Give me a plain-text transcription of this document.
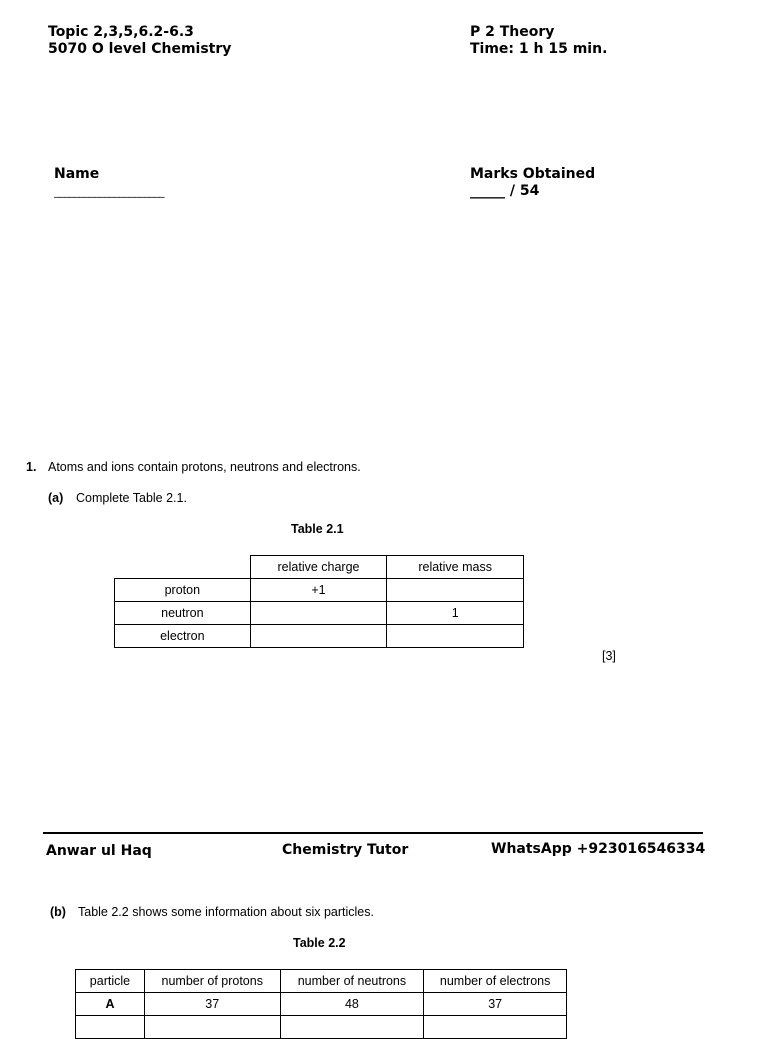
Topic 2,3,5,6.2-6.3
5070 O level Chemistry
P 2 Theory
Time: 1 h 15 min.
Name
______________________
Marks Obtained
_____ / 54
1. Atoms and ions contain protons, neutrons and electrons.
(a) Complete Table 2.1.
Table 2.1
	relative charge	relative mass
proton	+1	
neutron		1
electron		
[3]
Anwar ul Haq	Chemistry Tutor	WhatsApp +923016546334
(b) Table 2.2 shows some information about six particles.
Table 2.2
particle	number of protons	number of neutrons	number of electrons
A	37	48	37
